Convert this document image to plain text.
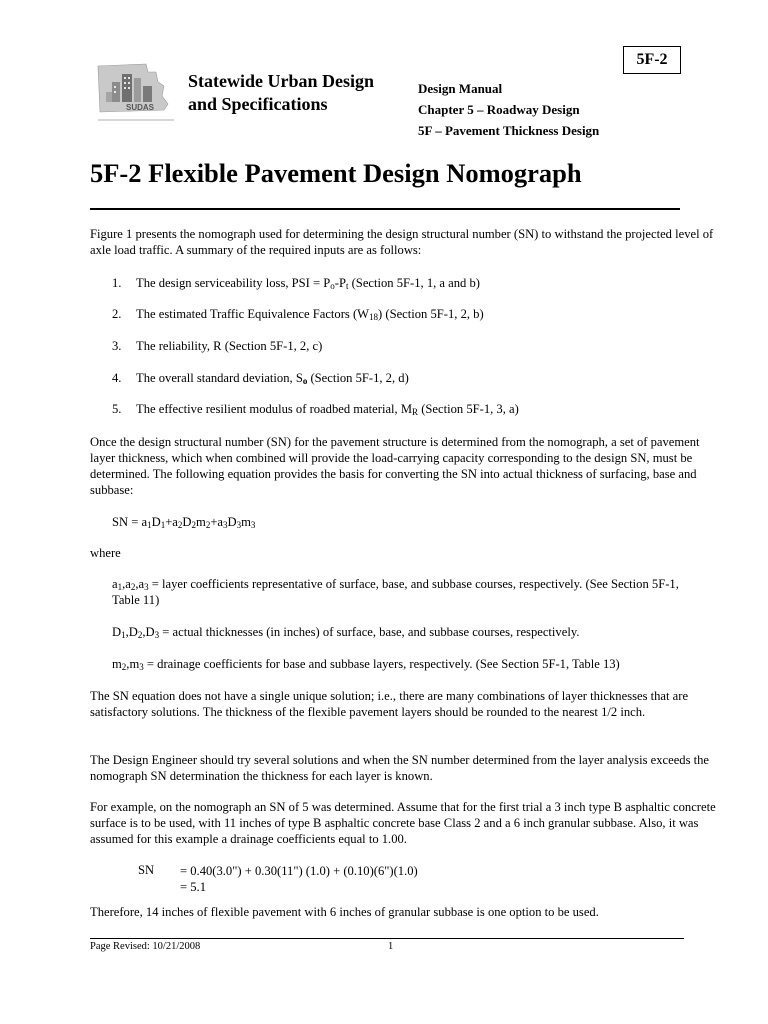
5F-2
SUDAS
Statewide Urban Design
and Specifications
Design Manual
Chapter 5 – Roadway Design
5F – Pavement Thickness Design
5F-2 Flexible Pavement Design Nomograph
Figure 1 presents the nomograph used for determining the design structural number (SN) to withstand the projected level of axle load traffic. A summary of the required inputs are as follows:
1. The design serviceability loss, PSI = $P_o-P_t$ (Section 5F-1, 1, a and b)
2. The estimated Traffic Equivalence Factors $(W_{18})$ (Section 5F-1, 2, b)
3. The reliability, R (Section 5F-1, 2, c)
4. The overall standard deviation, $S_o$ (Section 5F-1, 2, d)
5. The effective resilient modulus of roadbed material, $M_R$ (Section 5F-1, 3, a)
Once the design structural number (SN) for the pavement structure is determined from the nomograph, a set of pavement layer thickness, which when combined will provide the load-carrying capacity corresponding to the design SN, must be determined. The following equation provides the basis for converting the SN into actual thickness of surfacing, base and subbase:
SN = $a_1D_1+a_2D_2m_2+a_3D_3m_3$
where
$a_1,a_2,a_3$ = layer coefficients representative of surface, base, and subbase courses, respectively. (See Section 5F-1, Table 11)
$D_1,D_2,D_3$ = actual thicknesses (in inches) of surface, base, and subbase courses, respectively.
$m_2,m_3$ = drainage coefficients for base and subbase layers, respectively. (See Section 5F-1, Table 13)
The SN equation does not have a single unique solution; i.e., there are many combinations of layer thicknesses that are satisfactory solutions. The thickness of the flexible pavement layers should be rounded to the nearest 1/2 inch.
The Design Engineer should try several solutions and when the SN number determined from the layer analysis exceeds the nomograph SN determination the thickness for each layer is known.
For example, on the nomograph an SN of 5 was determined. Assume that for the first trial a 3 inch type B asphaltic concrete surface is to be used, with 11 inches of type B asphaltic concrete base Class 2 and a 6 inch granular subbase. Also, it was assumed for this example a drainage coefficients equal to 1.00.
SN = 0.40(3.0") + 0.30(11") (1.0) + (0.10)(6")(1.0)
= 5.1
Therefore, 14 inches of flexible pavement with 6 inches of granular subbase is one option to be used.
Page Revised: 10/21/2008	1
